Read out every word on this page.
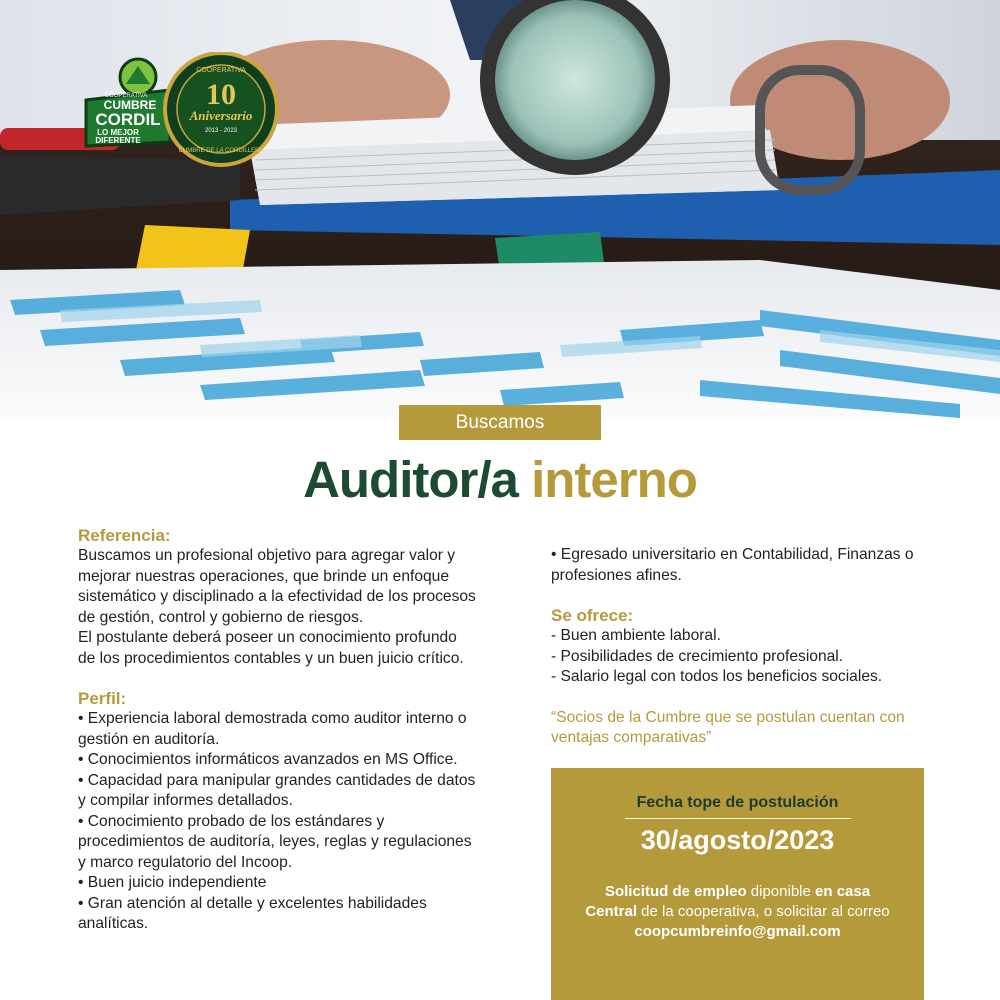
COOPERATIVA
CUMBRE
CORDIL
LO MEJOR
DIFERENTE
COOPERATIVA
10
Aniversario
2013 - 2023
CUMBRE DE LA CORDILLERA
Buscamos
Auditor/a interno
Referencia:
Buscamos un profesional objetivo para agregar valor y mejorar nuestras operaciones, que brinde un enfoque sistemático y disciplinado a la efectividad de los procesos de gestión, control y gobierno de riesgos.
El postulante deberá poseer un conocimiento profundo de los procedimientos contables y un buen juicio crítico.
Perfil:
• Experiencia laboral demostrada como auditor interno o gestión en auditoría.
• Conocimientos informáticos avanzados en MS Office.
• Capacidad para manipular grandes cantidades de datos y compilar informes detallados.
• Conocimiento probado de los estándares y procedimientos de auditoría, leyes, reglas y regulaciones y marco regulatorio del Incoop.
• Buen juicio independiente
• Gran atención al detalle y excelentes habilidades analíticas.
• Egresado universitario en Contabilidad, Finanzas o profesiones afines.
Se ofrece:
- Buen ambiente laboral.
- Posibilidades de crecimiento profesional.
- Salario legal con todos los beneficios sociales.
“Socios de la Cumbre que se postulan cuentan con ventajas comparativas”
Fecha tope de postulación
30/agosto/2023
Solicitud de empleo diponible en casa Central de la cooperativa, o solicitar al correo coopcumbreinfo@gmail.com
